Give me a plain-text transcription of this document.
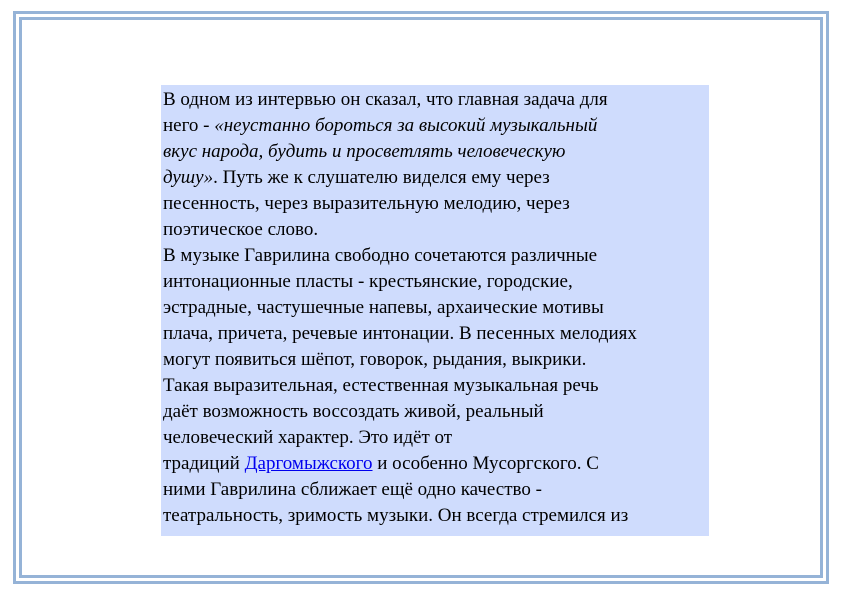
В одном из интервью он сказал, что главная задача для
него - «неустанно бороться за высокий музыкальный
вкус народа, будить и просветлять человеческую
душу». Путь же к слушателю виделся ему через
песенность, через выразительную мелодию, через
поэтическое слово.
В музыке Гаврилина свободно сочетаются различные
интонационные пласты - крестьянские, городские,
эстрадные, частушечные напевы, архаические мотивы
плача, причета, речевые интонации. В песенных мелодиях
могут появиться шёпот, говорок, рыдания, выкрики.
Такая выразительная, естественная музыкальная речь
даёт возможность воссоздать живой, реальный
человеческий характер. Это идёт от
традиций Даргомыжского и особенно Мусоргского. С
ними Гаврилина сближает ещё одно качество -
театральность, зримость музыки. Он всегда стремился из
